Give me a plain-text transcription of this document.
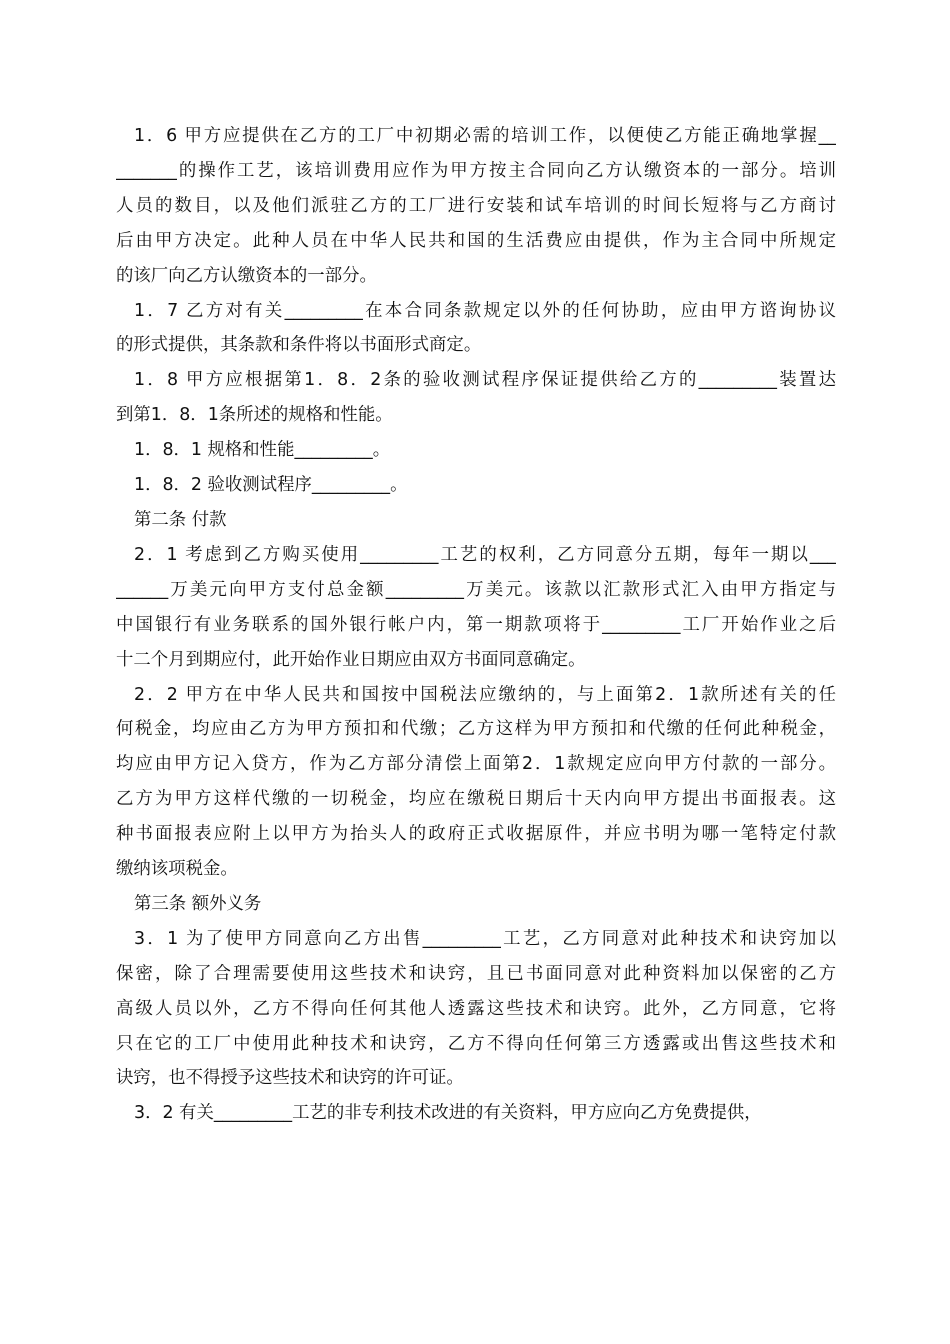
1．6 甲方应提供在乙方的工厂中初期必需的培训工作，以便使乙方能正确地掌握__
_______的操作工艺，该培训费用应作为甲方按主合同向乙方认缴资本的一部分。培训
人员的数目，以及他们派驻乙方的工厂进行安装和试车培训的时间长短将与乙方商讨
后由甲方决定。此种人员在中华人民共和国的生活费应由提供，作为主合同中所规定
的该厂向乙方认缴资本的一部分。
1．7 乙方对有关_________在本合同条款规定以外的任何协助，应由甲方谘询协议
的形式提供，其条款和条件将以书面形式商定。
1．8 甲方应根据第1．8．2条的验收测试程序保证提供给乙方的_________装置达
到第1．8．1条所述的规格和性能。
1．8．1 规格和性能_________。
1．8．2 验收测试程序_________。
第二条 付款
2．1 考虑到乙方购买使用_________工艺的权利，乙方同意分五期，每年一期以___
______万美元向甲方支付总金额_________万美元。该款以汇款形式汇入由甲方指定与
中国银行有业务联系的国外银行帐户内，第一期款项将于_________工厂开始作业之后
十二个月到期应付，此开始作业日期应由双方书面同意确定。
2．2 甲方在中华人民共和国按中国税法应缴纳的，与上面第2．1款所述有关的任
何税金，均应由乙方为甲方预扣和代缴；乙方这样为甲方预扣和代缴的任何此种税金，
均应由甲方记入贷方，作为乙方部分清偿上面第2．1款规定应向甲方付款的一部分。
乙方为甲方这样代缴的一切税金，均应在缴税日期后十天内向甲方提出书面报表。这
种书面报表应附上以甲方为抬头人的政府正式收据原件，并应书明为哪一笔特定付款
缴纳该项税金。
第三条 额外义务
3．1 为了使甲方同意向乙方出售_________工艺，乙方同意对此种技术和诀窍加以
保密，除了合理需要使用这些技术和诀窍，且已书面同意对此种资料加以保密的乙方
高级人员以外，乙方不得向任何其他人透露这些技术和诀窍。此外，乙方同意，它将
只在它的工厂中使用此种技术和诀窍，乙方不得向任何第三方透露或出售这些技术和
诀窍，也不得授予这些技术和诀窍的许可证。
3．2 有关_________工艺的非专利技术改进的有关资料，甲方应向乙方免费提供，
